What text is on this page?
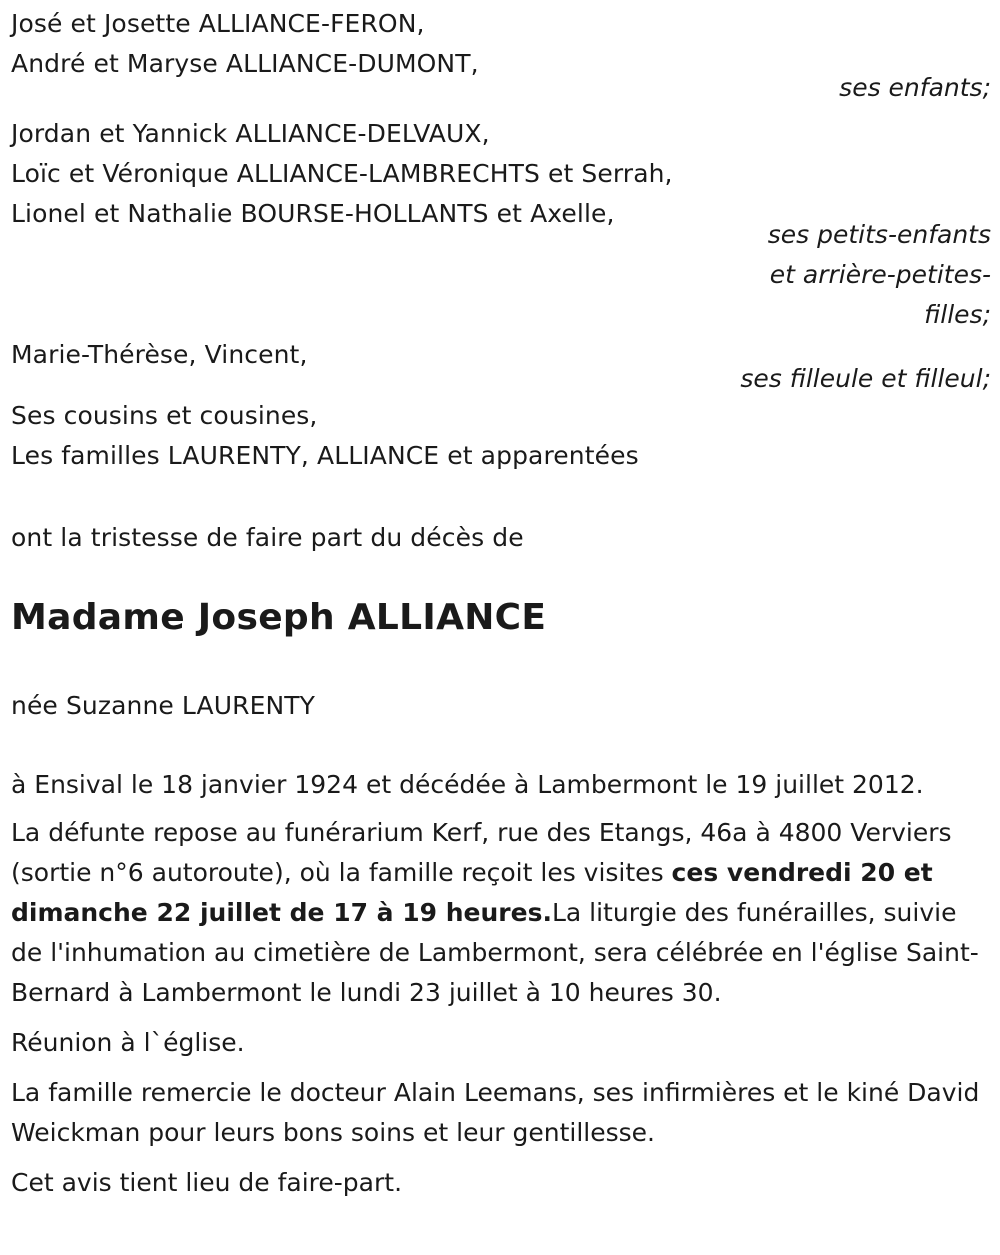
José et Josette ALLIANCE-FERON,
André et Maryse ALLIANCE-DUMONT,
ses enfants;
Jordan et Yannick ALLIANCE-DELVAUX,
Loïc et Véronique ALLIANCE-LAMBRECHTS et Serrah,
Lionel et Nathalie BOURSE-HOLLANTS et Axelle,
ses petits-enfants
et arrière-petites-
filles;
Marie-Thérèse, Vincent,
ses filleule et filleul;
Ses cousins et cousines,
Les familles LAURENTY, ALLIANCE et apparentées
ont la tristesse de faire part du décès de
Madame Joseph ALLIANCE
née Suzanne LAURENTY

à Ensival le 18 janvier 1924 et décédée à Lambermont le 19 juillet 2012.

La défunte repose au funérarium Kerf, rue des Etangs, 46a à 4800 Verviers (sortie n°6 autoroute), où la famille reçoit les visites ces vendredi 20 et dimanche 22 juillet de 17 à 19 heures.La liturgie des funérailles, suivie de l'inhumation au cimetière de Lambermont, sera célébrée en l'église Saint-Bernard à Lambermont le lundi 23 juillet à 10 heures 30.

Réunion à l`église.

La famille remercie le docteur Alain Leemans, ses infirmières et le kiné David Weickman pour leurs bons soins et leur gentillesse.

Cet avis tient lieu de faire-part.
